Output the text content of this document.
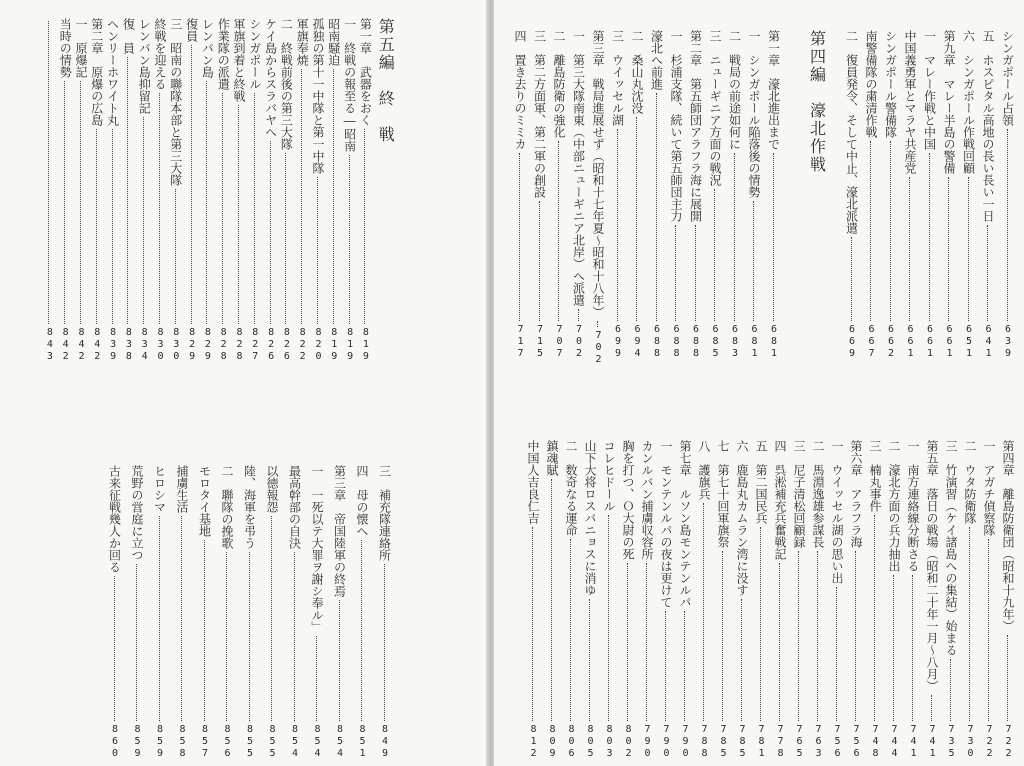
第五編　終　戦
第一章　武器をおく
819
一　終戦の報至る―昭南
819
昭南騒迫
819
孤独の第十一中隊と第一中隊
820
軍旗奉焼
822
二　終戦前後の第三大隊
826
ケイ島からスラバヤへ
826
シンガポール
827
軍旗到着と終戦
828
作業隊の派遣
828
レンパン島
829
復員
829
三　昭南の聯隊本部と第三大隊
830
終戦を迎える
830
レンパン島抑留記
834
復　員
838
ヘンリーホワイト丸
839
第二章　原爆の広島
842
一　原爆記
842
当時の情勢
842
843
三　補充隊連絡所
849
四　母の懐へ
851
第三章　帝国陸軍の終焉
854
一　一死以テ大罪ヲ謝シ奉ル」
854
最高幹部の自決
854
以徳報怨
855
陸、海軍を弔う
855
二　聯隊の挽歌
856
モロタイ基地
857
捕虜生活
858
ヒロシマ
859
荒野の営庭に立つ
859
古来征戦幾人か回る
860
シンガポール占領
639
五　ホスピタル高地の長い長い一日
641
六　シンガポール作戦回顧
651
第九章　マレー半島の警備
661
一　マレー作戦と中国
661
中国義勇軍とマラヤ共産党
661
シンガポール警備隊
662
南警備隊の粛清作戦
667
二　復員発令、そして中止、濠北派遣
669
第四編　濠北作戦
第一章　濠北進出まで
681
一　シンガポール陥落後の情勢
681
二　戦局の前途如何に
683
三　ニューギニア方面の戦況
685
第二章　第五師団アラフラ海に展開
688
一　杉浦支隊、続いて第五師団主力
688
濠北へ前進
688
二　桑山丸沈没
694
三　ウイッセル湖
699
第三章　戦局進展せず（昭和十七年夏〜昭和十八年）
702
一　第三大隊南東（中部ニューギニア北岸）へ派遣
702
二　離島防衛の強化
707
三　第二方面軍、第二軍の創設
715
四　置き去りのミミカ
717
第四章　離島防衛団（昭和十九年）
722
一　アガチ偵察隊
722
二　ウタ防衛隊
730
三　竹演習（ケイ諸島への集結）始まる
735
第五章　落日の戦場（昭和二十年一月〜八月）
741
一　南方連絡線分断さる
741
二　濠北方面の兵力抽出
744
三　楠丸事件
748
第六章　アラフラ海
756
一　ウイッセル湖の思い出
756
二　馬淵逸雄参謀長
763
三　尼子清松回顧録
765
四　呉淞補充兵奮戦記
778
五　第二国民兵
781
六　鹿島丸カムラン湾に没す
785
七　第七十回軍旗祭
785
八　護旗兵
788
第七章　ルソン島モンテンルパ
790
一　モンテンルパの夜は更けて
790
カンルバン捕虜収容所
790
胸を打つ、Ｏ大尉の死
802
コレヒドール
803
山下大将ロスバニョスに消ゆ
805
二　数奇なる運命
806
鎮魂賦
809
中国人吉良仁吉
812
